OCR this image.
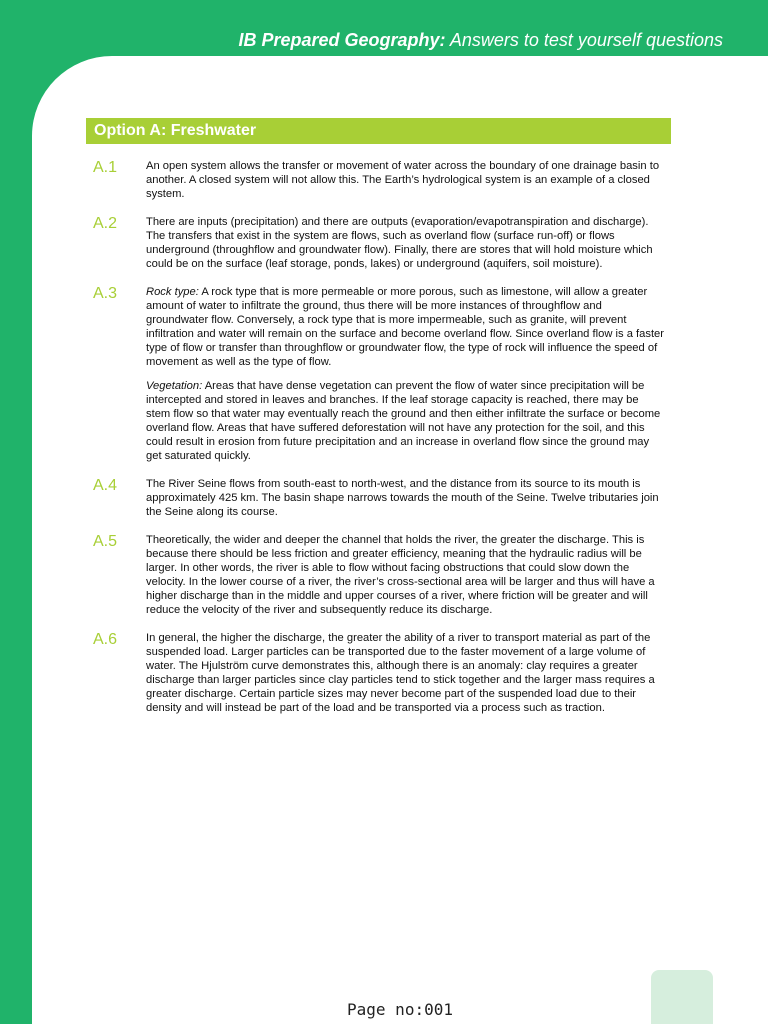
IB Prepared Geography: Answers to test yourself questions
Option A: Freshwater
A.1	An open system allows the transfer or movement of water across the boundary of one drainage basin to another. A closed system will not allow this. The Earth’s hydrological system is an example of a closed system.

A.2	There are inputs (precipitation) and there are outputs (evaporation/evapotranspiration and discharge). The transfers that exist in the system are flows, such as overland flow (surface run-off) or flows underground (throughflow and groundwater flow). Finally, there are stores that will hold moisture which could be on the surface (leaf storage, ponds, lakes) or underground (aquifers, soil moisture).

A.3	Rock type: A rock type that is more permeable or more porous, such as limestone, will allow a greater amount of water to infiltrate the ground, thus there will be more instances of throughflow and groundwater flow. Conversely, a rock type that is more impermeable, such as granite, will prevent infiltration and water will remain on the surface and become overland flow. Since overland flow is a faster type of flow or transfer than throughflow or groundwater flow, the type of rock will influence the speed of movement as well as the type of flow.

Vegetation: Areas that have dense vegetation can prevent the flow of water since precipitation will be intercepted and stored in leaves and branches. If the leaf storage capacity is reached, there may be stem flow so that water may eventually reach the ground and then either infiltrate the surface or become overland flow. Areas that have suffered deforestation will not have any protection for the soil, and this could result in erosion from future precipitation and an increase in overland flow since the ground may get saturated quickly.

A.4	The River Seine flows from south-east to north-west, and the distance from its source to its mouth is approximately 425 km. The basin shape narrows towards the mouth of the Seine. Twelve tributaries join the Seine along its course.

A.5	Theoretically, the wider and deeper the channel that holds the river, the greater the discharge. This is because there should be less friction and greater efficiency, meaning that the hydraulic radius will be larger. In other words, the river is able to flow without facing obstructions that could slow down the velocity. In the lower course of a river, the river’s cross-sectional area will be larger and thus will have a higher discharge than in the middle and upper courses of a river, where friction will be greater and will reduce the velocity of the river and subsequently reduce its discharge.

A.6	In general, the higher the discharge, the greater the ability of a river to transport material as part of the suspended load. Larger particles can be transported due to the faster movement of a large volume of water. The Hjulström curve demonstrates this, although there is an anomaly: clay requires a greater discharge than larger particles since clay particles tend to stick together and the larger mass requires a greater discharge. Certain particle sizes may never become part of the suspended load due to their density and will instead be part of the load and be transported via a process such as traction.

Page no:001
